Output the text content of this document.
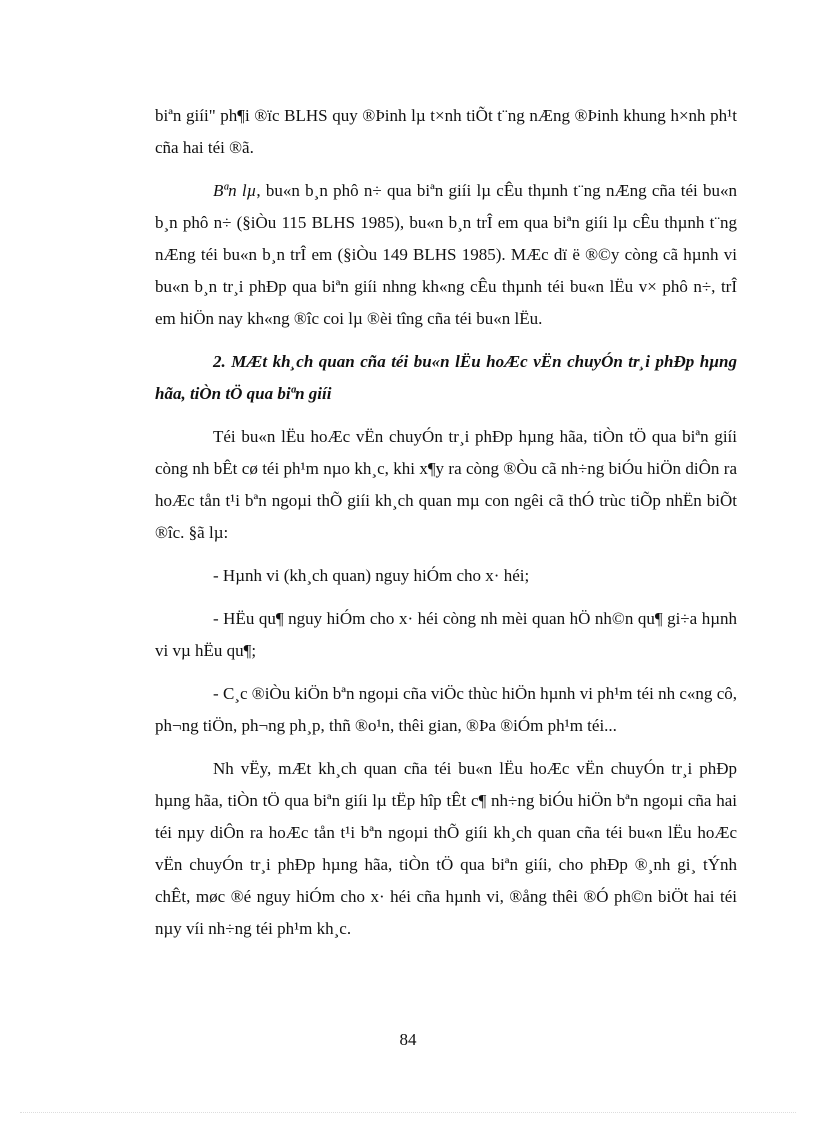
biªn giíi" ph¶i ®ïc BLHS quy ®Þinh lµ t×nh tiÕt t¨ng nÆng ®Þinh khung h×nh ph¹t cña hai téi ®ã.

Bªn lµ, bu«n b¸n phô n÷ qua biªn giíi lµ cÊu thµnh t¨ng nÆng cña téi bu«n b¸n phô n÷ (§iÒu 115 BLHS 1985), bu«n b¸n trÎ em qua biªn giíi lµ cÊu thµnh t¨ng nÆng téi bu«n b¸n trÎ em (§iÒu 149 BLHS 1985). MÆc dï ë ®©y còng cã hµnh vi bu«n b¸n tr¸i phÐp qua biªn giíi nhng kh«ng cÊu thµnh téi bu«n lËu v× phô n÷, trÎ em hiÖn nay kh«ng ®îc coi lµ ®èi tîng cña téi bu«n lËu.

2. MÆt kh¸ch quan cña téi bu«n lËu hoÆc vËn chuyÓn tr¸i phÐp hµng hãa, tiÒn tÖ qua biªn giíi

Téi bu«n lËu hoÆc vËn chuyÓn tr¸i phÐp hµng hãa, tiÒn tÖ qua biªn giíi còng nh bÊt cø téi ph¹m nµo kh¸c, khi x¶y ra còng ®Òu cã nh÷ng biÓu hiÖn diÔn ra hoÆc tån t¹i bªn ngoµi thÕ giíi kh¸ch quan mµ con ngêi cã thÓ trùc tiÕp nhËn biÕt ®îc. §ã lµ:

- Hµnh vi (kh¸ch quan) nguy hiÓm cho x· héi;

- HËu qu¶ nguy hiÓm cho x· héi còng nh mèi quan hÖ nh©n qu¶ gi÷a hµnh vi vµ hËu qu¶;

- C¸c ®iÒu kiÖn bªn ngoµi cña viÖc thùc hiÖn hµnh vi ph¹m téi nh c«ng cô, ph¬ng tiÖn, ph¬ng ph¸p, thñ ®o¹n, thêi gian, ®Þa ®iÓm ph¹m téi...

Nh vËy, mÆt kh¸ch quan cña téi bu«n lËu hoÆc vËn chuyÓn tr¸i phÐp hµng hãa, tiÒn tÖ qua biªn giíi lµ tËp hîp tÊt c¶ nh÷ng biÓu hiÖn bªn ngoµi cña hai téi nµy diÔn ra hoÆc tån t¹i bªn ngoµi thÕ giíi kh¸ch quan cña téi bu«n lËu hoÆc vËn chuyÓn tr¸i phÐp hµng hãa, tiÒn tÖ qua biªn giíi, cho phÐp ®¸nh gi¸ tÝnh chÊt, møc ®é nguy hiÓm cho x· héi cña hµnh vi, ®ång thêi ®Ó ph©n biÖt hai téi nµy víi nh÷ng téi ph¹m kh¸c.

84
